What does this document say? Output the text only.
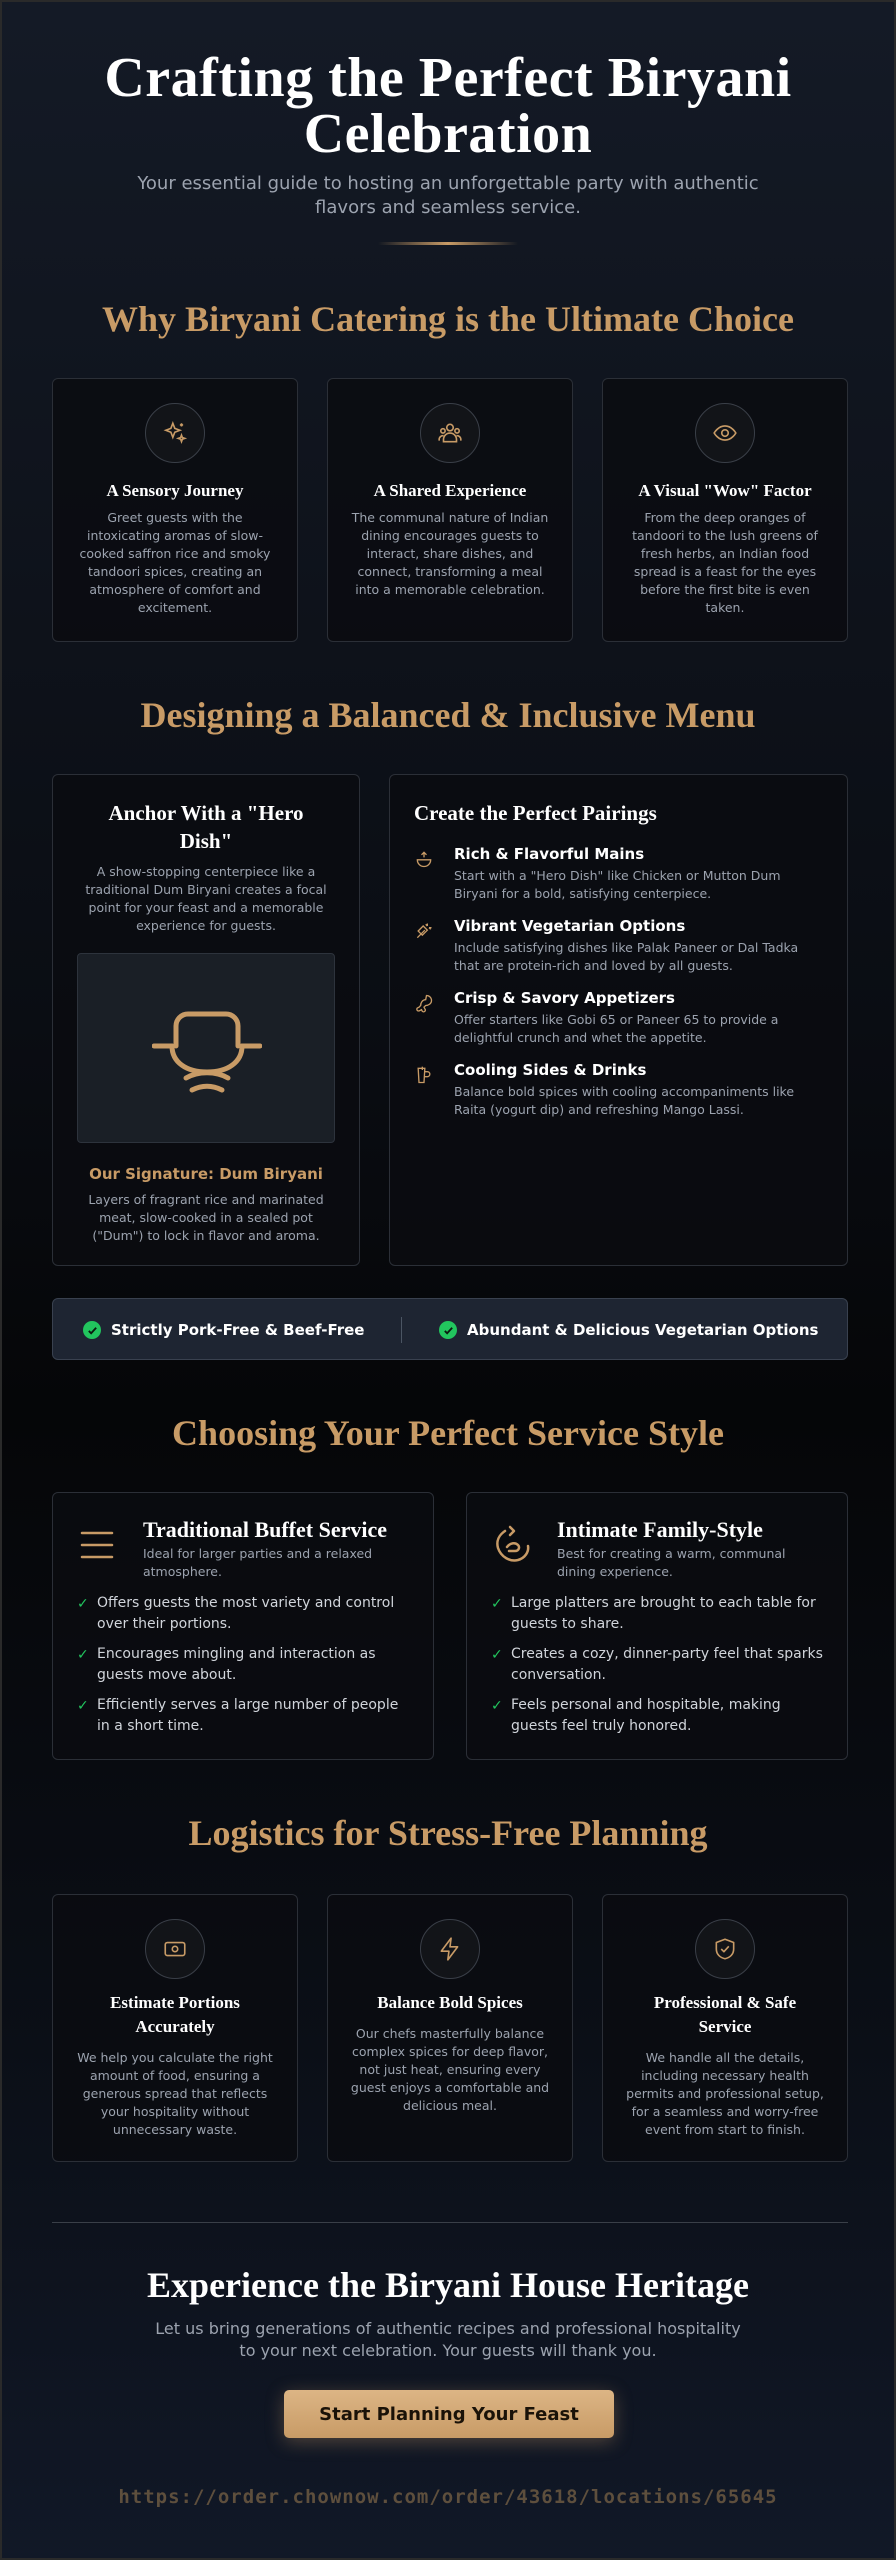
Crafting the Perfect Biryani
Celebration

Your essential guide to hosting an unforgettable party with authentic flavors and seamless service.

Why Biryani Catering is the Ultimate Choice
A Sensory Journey
Greet guests with the intoxicating aromas of slow-cooked saffron rice and smoky tandoori spices, creating an atmosphere of comfort and excitement.
A Shared Experience
The communal nature of Indian dining encourages guests to interact, share dishes, and connect, transforming a meal into a memorable celebration.
A Visual "Wow" Factor
From the deep oranges of tandoori to the lush greens of fresh herbs, an Indian food spread is a feast for the eyes before the first bite is even taken.
Designing a Balanced & Inclusive Menu
Anchor With a "Hero
Dish"
A show-stopping centerpiece like a traditional Dum Biryani creates a focal point for your feast and a memorable experience for guests.
Our Signature: Dum Biryani
Layers of fragrant rice and marinated meat, slow-cooked in a sealed pot ("Dum") to lock in flavor and aroma.
Create the Perfect Pairings
Rich & Flavorful Mains
Start with a "Hero Dish" like Chicken or Mutton Dum Biryani for a bold, satisfying centerpiece.
Vibrant Vegetarian Options
Include satisfying dishes like Palak Paneer or Dal Tadka that are protein-rich and loved by all guests.
Crisp & Savory Appetizers
Offer starters like Gobi 65 or Paneer 65 to provide a delightful crunch and whet the appetite.
Cooling Sides & Drinks
Balance bold spices with cooling accompaniments like Raita (yogurt dip) and refreshing Mango Lassi.
Strictly Pork-Free & Beef-Free	Abundant & Delicious Vegetarian Options
Choosing Your Perfect Service Style
Traditional Buffet Service
Ideal for larger parties and a relaxed atmosphere.
✓ Offers guests the most variety and control over their portions.
✓ Encourages mingling and interaction as guests move about.
✓ Efficiently serves a large number of people in a short time.
Intimate Family-Style
Best for creating a warm, communal dining experience.
✓ Large platters are brought to each table for guests to share.
✓ Creates a cozy, dinner-party feel that sparks conversation.
✓ Feels personal and hospitable, making guests feel truly honored.
Logistics for Stress-Free Planning
Estimate Portions
Accurately
We help you calculate the right amount of food, ensuring a generous spread that reflects your hospitality without unnecessary waste.
Balance Bold Spices
Our chefs masterfully balance complex spices for deep flavor, not just heat, ensuring every guest enjoys a comfortable and delicious meal.
Professional & Safe
Service
We handle all the details, including necessary health permits and professional setup, for a seamless and worry-free event from start to finish.
Experience the Biryani House Heritage

Let us bring generations of authentic recipes and professional hospitality to your next celebration. Your guests will thank you.

Start Planning Your Feast
https://order.chownow.com/order/43618/locations/65645
